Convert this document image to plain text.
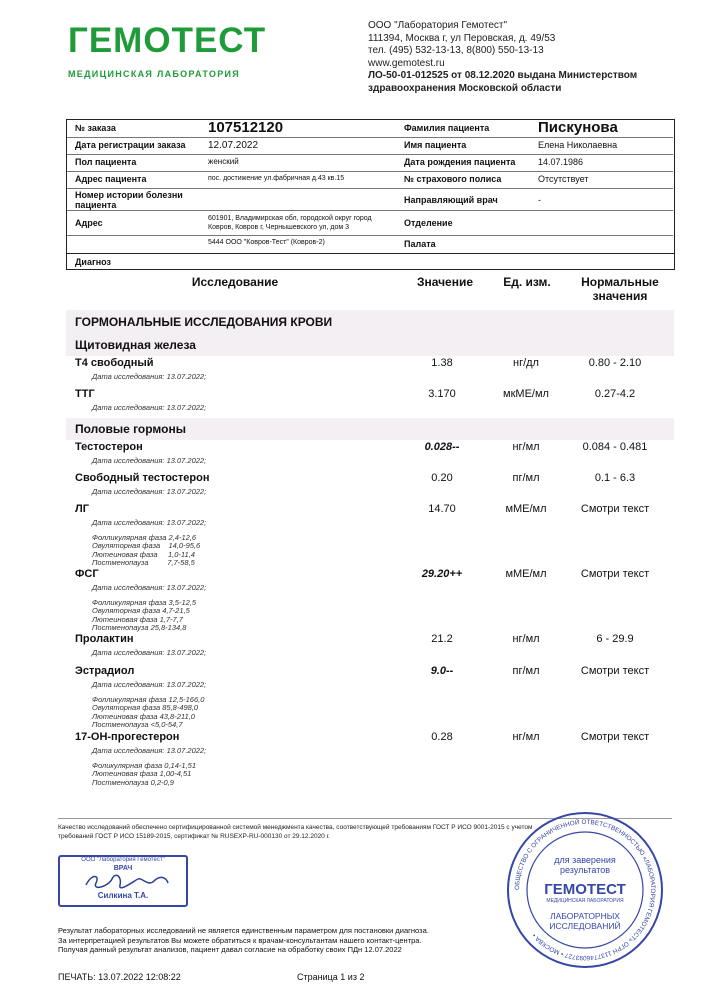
ГЕМОТЕСТ
МЕДИЦИНСКАЯ ЛАБОРАТОРИЯ
ООО "Лаборатория Гемотест"
111394, Москва г, ул Перовская, д. 49/53
тел. (495) 532-13-13, 8(800) 550-13-13
www.gemotest.ru
ЛО-50-01-012525 от 08.12.2020 выдана Министерством
здравоохранения Московской области
№ заказа	107512120
Дата регистрации заказа 12.07.2022
Пол пациента	женский
Адрес пациента	пос. достижение ул.фабричная д.43 кв.15
Номер истории болезни пациента
Адрес	601901, Владимирская обл, городской округ город
Ковров, Ковров г, Чернышевского ул, дом 3
5444 ООО "Ковров-Тест" (Ковров-2)
Фамилия пациента	Пискунова
Имя пациента	Елена Николаевна
Дата рождения пациента	14.07.1986
№ страхового полиса	Отсутствует
Направляющий врач	-
Отделение
Палата
Диагноз
Исследование	Значение	Ед. изм.	Нормальные
значения
ГОРМОНАЛЬНЫЕ ИССЛЕДОВАНИЯ КРОВИ
Щитовидная железа
Т4 свободный
Дата исследования: 13.07.2022;
1.38	нг/дл	0.80 - 2.10
ТТГ
Дата исследования: 13.07.2022;
3.170	мкМЕ/мл	0.27-4.2
Тестостерон
Дата исследования: 13.07.2022;
0.028--	нг/мл	0.084 - 0.481
Свободный тестостерон
Дата исследования: 13.07.2022;
0.20	пг/мл	0.1 - 6.3
ЛГ
Дата исследования: 13.07.2022;
14.70	мМЕ/мл	Смотри текст
Фолликулярная фаза 2,4-12,6
Овуляторная фаза    14,0-95,6
Лютеиновая фаза     1,0-11,4
Постменопауза         7,7-58,5
ФСГ
Дата исследования: 13.07.2022;
29.20++	мМЕ/мл	Смотри текст
Фолликулярная фаза 3,5-12,5
Овуляторная фаза 4,7-21,5
Лютеиновая фаза 1,7-7,7
Постменопауза 25,8-134,8
Пролактин
Дата исследования: 13.07.2022;
21.2	нг/мл	6 - 29.9
Эстрадиол
Дата исследования: 13.07.2022;
9.0--	пг/мл	Смотри текст
Фолликулярная фаза 12,5-166,0
Овуляторная фаза 85,8-498,0
Лютеиновая фаза 43,8-211,0
Постменопауза <5,0-54,7
17-ОН-прогестерон
Дата исследования: 13.07.2022;
0.28	нг/мл	Смотри текст
Фоликулярная фаза 0,14-1,51
Лютеиновая фаза 1,00-4,51
Постменопауза 0,2-0,9
Половые гормоны
Качество исследований обеспечено сертифицированной системой менеджмента качества, соответствующей требованиям ГОСТ Р ИСО 9001-2015 с учетом
требований ГОСТ Р ИСО 15189-2015, сертификат № RUSEXP-RU-000130 от 29.12.2020 г.
ООО "Лаборатория Гемотест"
ВРАЧ
Силкина Т.А.
ОБЩЕСТВО С ОГРАНИЧЕННОЙ ОТВЕТСТВЕННОСТЬЮ «ЛАБОРАТОРИЯ ГЕМОТЕСТ» ОГРН 1137746093727 • МОСКВА •
для заверения
результатов
ГЕМОТЕСТ
МЕДИЦИНСКАЯ ЛАБОРАТОРИЯ
ЛАБОРАТОРНЫХ
ИССЛЕДОВАНИЙ
Результат лабораторных исследований не является единственным параметром для постановки диагноза.
За интерпретацией результатов Вы можете обратиться к врачам-консультантам нашего контакт-центра.
Получая данный результат анализов, пациент давал согласие на обработку своих ПДн 12.07.2022
ПЕЧАТЬ: 13.07.2022 12:08:22	Страница 1 из 2
